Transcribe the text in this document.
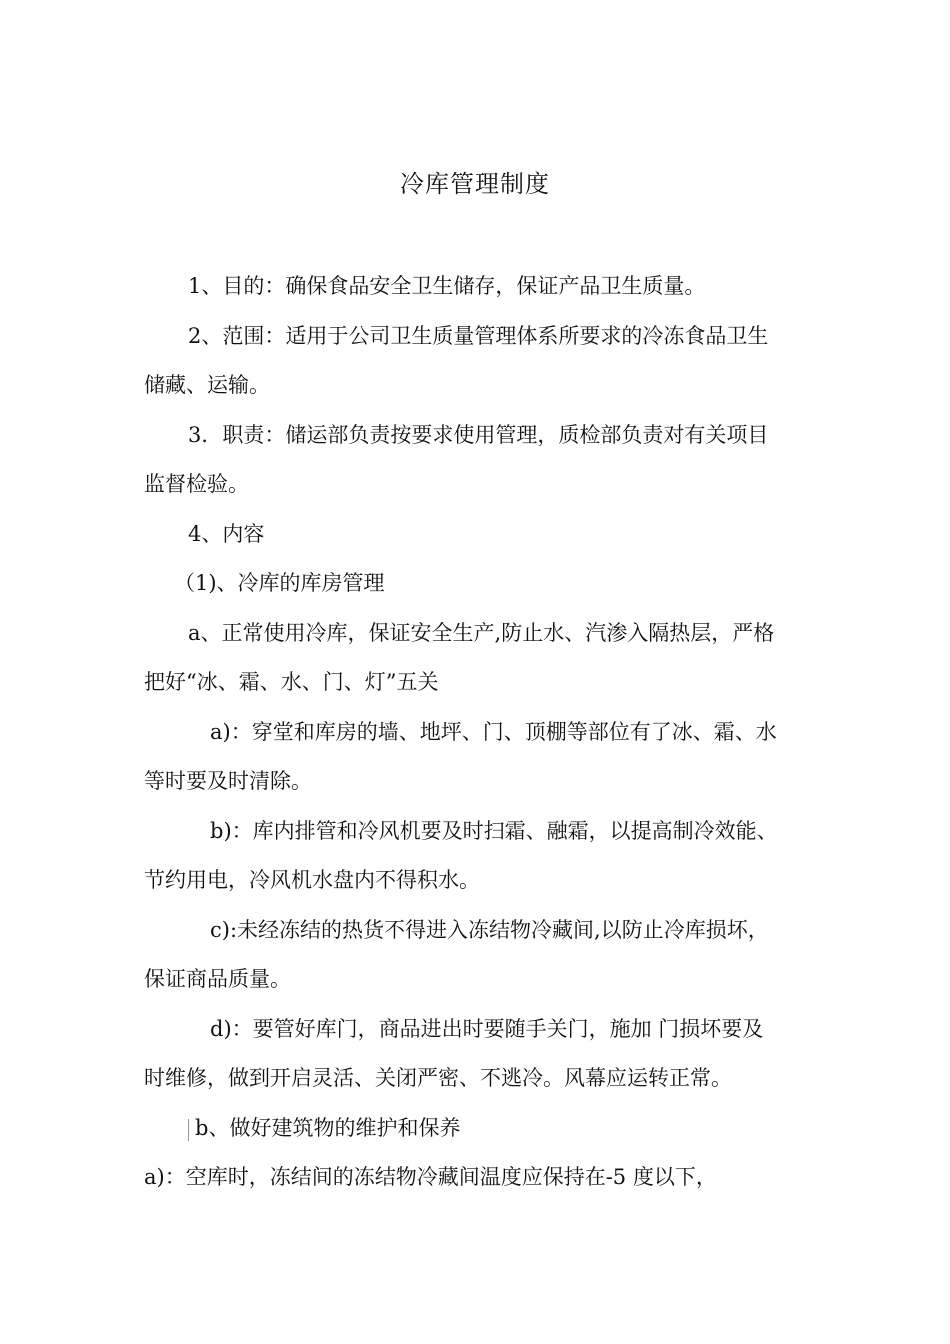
冷库管理制度
1、目的：确保食品安全卫生储存，保证产品卫生质量。
2、范围：适用于公司卫生质量管理体系所要求的冷冻食品卫生
储藏、运输。
3．职责：储运部负责按要求使用管理，质检部负责对有关项目
监督检验。
4、内容
（1)、冷库的库房管理
a、正常使用冷库，保证安全生产,防止水、汽渗入隔热层，严格
把好“冰、霜、水、门、灯”五关
a)：穿堂和库房的墙、地坪、门、顶棚等部位有了冰、霜、水
等时要及时清除。
b)：库内排管和冷风机要及时扫霜、融霜，以提高制冷效能、
节约用电，冷风机水盘内不得积水。
c):未经冻结的热货不得进入冻结物冷藏间,以防止冷库损坏，
保证商品质量。
d)：要管好库门，商品进出时要随手关门，施加 门损坏要及
时维修，做到开启灵活、关闭严密、不逃冷。风幕应运转正常。
b、做好建筑物的维护和保养
a)：空库时，冻结间的冻结物冷藏间温度应保持在-5 度以下，
